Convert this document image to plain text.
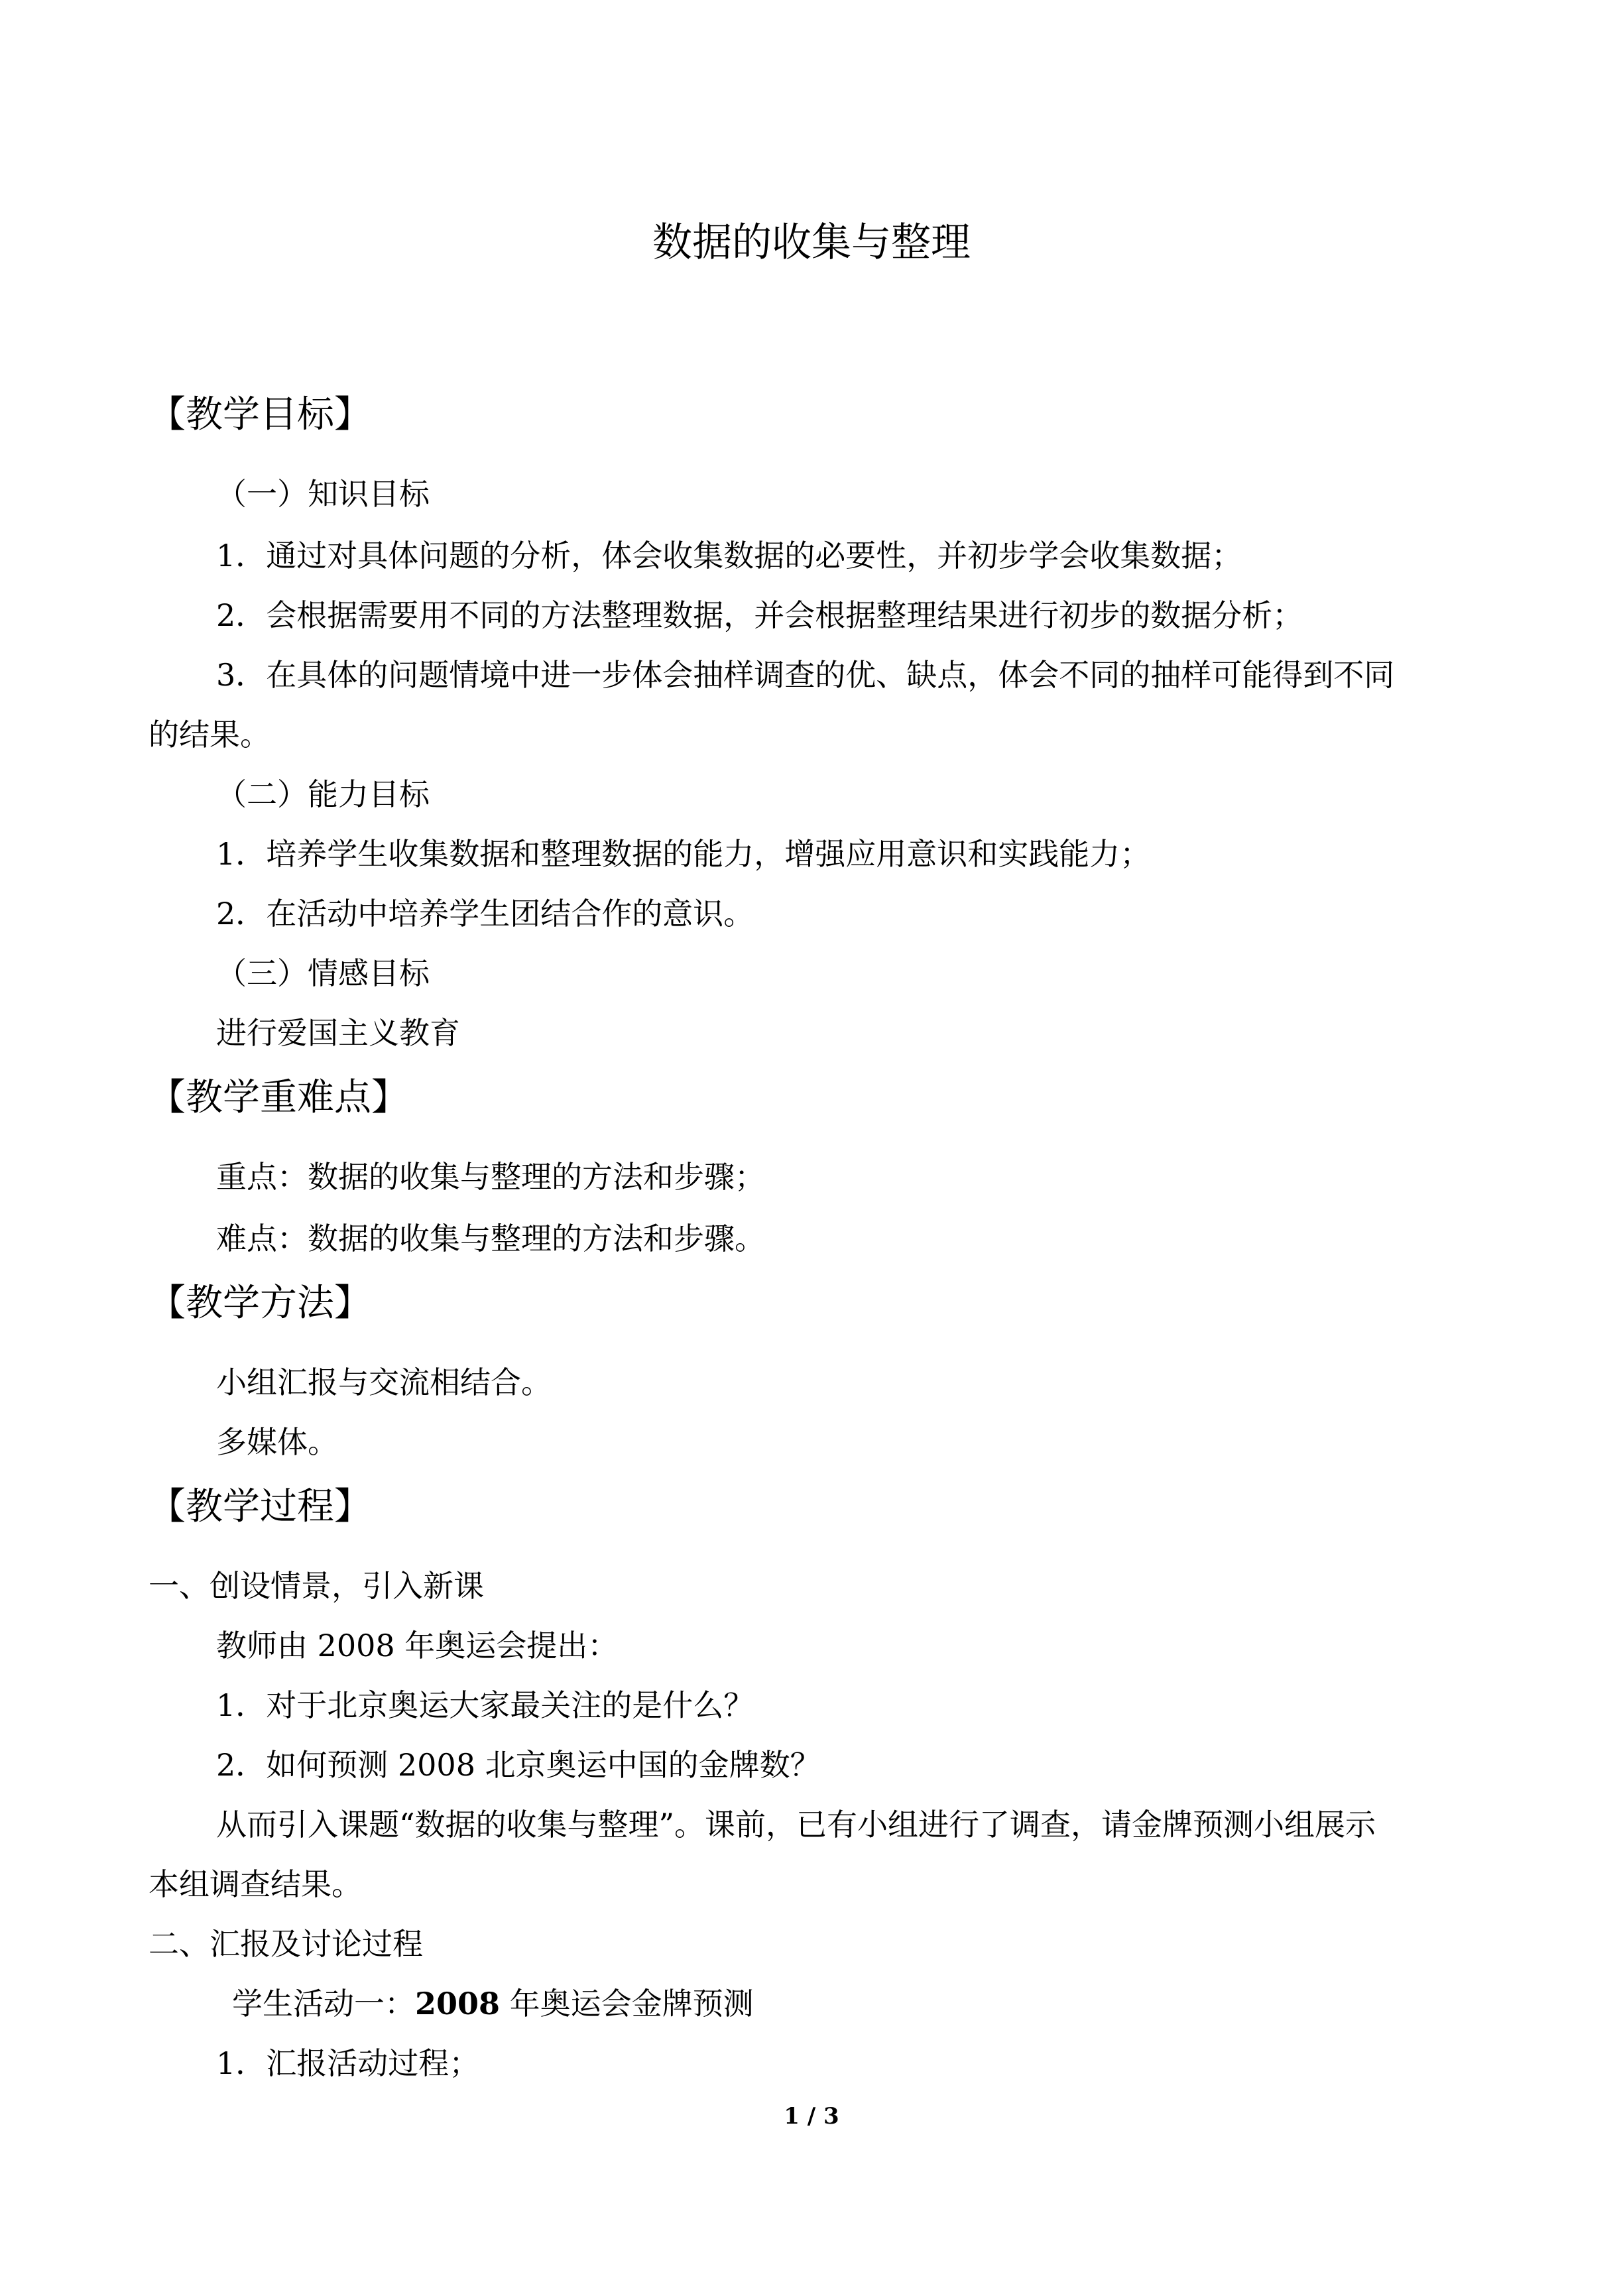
数据的收集与整理
【教学目标】
（一）知识目标
1．通过对具体问题的分析，体会收集数据的必要性，并初步学会收集数据；
2．会根据需要用不同的方法整理数据，并会根据整理结果进行初步的数据分析；
3．在具体的问题情境中进一步体会抽样调查的优、缺点，体会不同的抽样可能得到不同
的结果。
（二）能力目标
1．培养学生收集数据和整理数据的能力，增强应用意识和实践能力；
2．在活动中培养学生团结合作的意识。
（三）情感目标
进行爱国主义教育
【教学重难点】
重点：数据的收集与整理的方法和步骤；
难点：数据的收集与整理的方法和步骤。
【教学方法】
小组汇报与交流相结合。
多媒体。
【教学过程】
一、创设情景，引入新课
教师由 2008 年奥运会提出：
1．对于北京奥运大家最关注的是什么？
2．如何预测 2008 北京奥运中国的金牌数？
从而引入课题“数据的收集与整理”。课前，已有小组进行了调查，请金牌预测小组展示
本组调查结果。
二、汇报及讨论过程
学生活动一：2008 年奥运会金牌预测
1．汇报活动过程；
1 / 3
